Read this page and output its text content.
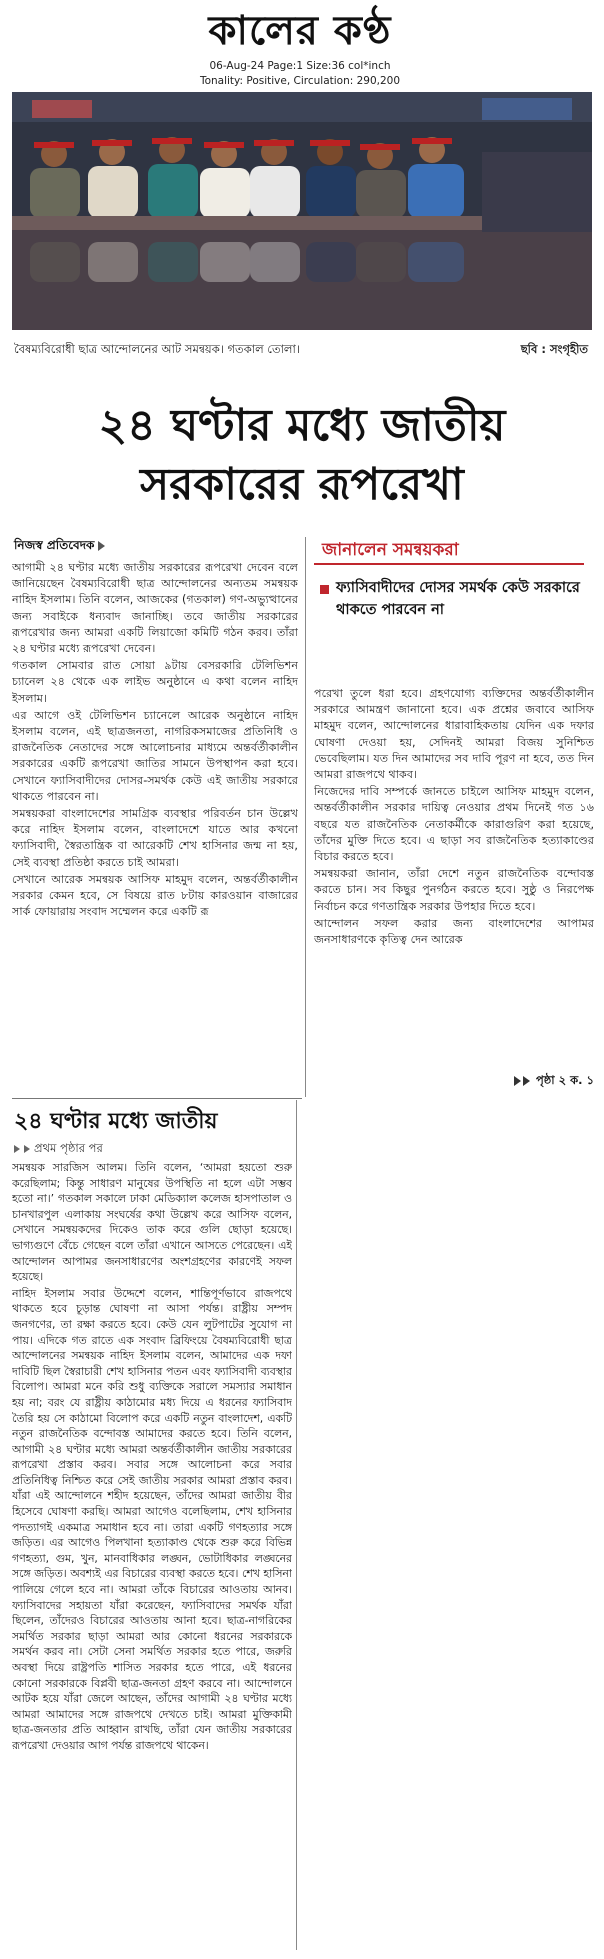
কালের কণ্ঠ
06-Aug-24 Page:1 Size:36 col*inch
Tonality: Positive, Circulation: 290,200
বৈষম্যবিরোধী ছাত্র আন্দোলনের আট সমন্বয়ক। গতকাল তোলা।	ছবি : সংগৃহীত
২৪ ঘণ্টার মধ্যে জাতীয়
সরকারের রূপরেখা
নিজস্ব প্রতিবেদক

আগামী ২৪ ঘণ্টার মধ্যে জাতীয় সরকারের রূপরেখা দেবেন বলে জানিয়েছেন বৈষম্যবিরোধী ছাত্র আন্দোলনের অন্যতম সমন্বয়ক নাহিদ ইসলাম। তিনি বলেন, আজকের (গতকাল) গণ-অভ্যুত্থানের জন্য সবাইকে ধন্যবাদ জানাচ্ছি। তবে জাতীয় সরকারের রূপরেখার জন্য আমরা একটি লিয়াজো কমিটি গঠন করব। তাঁরা ২৪ ঘণ্টার মধ্যে রূপরেখা দেবেন।

গতকাল সোমবার রাত সোয়া ৯টায় বেসরকারি টেলিভিশন চ্যানেল ২৪ থেকে এক লাইভ অনুষ্ঠানে এ কথা বলেন নাহিদ ইসলাম।

এর আগে ওই টেলিভিশন চ্যানেলে আরেক অনুষ্ঠানে নাহিদ ইসলাম বলেন, এই ছাত্রজনতা, নাগরিকসমাজের প্রতিনিধি ও রাজনৈতিক নেতাদের সঙ্গে আলোচনার মাধ্যমে অন্তর্বর্তীকালীন সরকারের একটি রূপরেখা জাতির সামনে উপস্থাপন করা হবে। সেখানে ফ্যাসিবাদীদের দোসর-সমর্থক কেউ এই জাতীয় সরকারে থাকতে পারবেন না।

সমন্বয়করা বাংলাদেশের সামগ্রিক ব্যবস্থার পরিবর্তন চান উল্লেখ করে নাহিদ ইসলাম বলেন, বাংলাদেশে যাতে আর কখনো ফ্যাসিবাদী, স্বৈরতান্ত্রিক বা আরেকটি শেখ হাসিনার জন্ম না হয়, সেই ব্যবস্থা প্রতিষ্ঠা করতে চাই আমরা।

সেখানে আরেক সমন্বয়ক আসিফ মাহমুদ বলেন, অন্তর্বর্তীকালীন সরকার কেমন হবে, সে বিষয়ে রাত ৮টায় কারওয়ান বাজারের সার্ক ফোয়ারায় সংবাদ সম্মেলন করে একটি রূ

জানালেন সমন্বয়করা
ফ্যাসিবাদীদের দোসর সমর্থক কেউ সরকারে থাকতে পারবেন না

পরেখা তুলে ধরা হবে। গ্রহণযোগ্য ব্যক্তিদের অন্তর্বর্তীকালীন সরকারে আমন্ত্রণ জানানো হবে। এক প্রশ্নের জবাবে আসিফ মাহমুদ বলেন, আন্দোলনের ধারাবাহিকতায় যেদিন এক দফার ঘোষণা দেওয়া হয়, সেদিনই আমরা বিজয় সুনিশ্চিত ভেবেছিলাম। যত দিন আমাদের সব দাবি পূরণ না হবে, তত দিন আমরা রাজপথে থাকব।

নিজেদের দাবি সম্পর্কে জানতে চাইলে আসিফ মাহমুদ বলেন, অন্তর্বর্তীকালীন সরকার দায়িত্ব নেওয়ার প্রথম দিনেই গত ১৬ বছরে যত রাজনৈতিক নেতাকর্মীকে কারাগুরিণ করা হয়েছে, তাঁদের মুক্তি দিতে হবে। এ ছাড়া সব রাজনৈতিক হত্যাকাণ্ডের বিচার করতে হবে।

সমন্বয়করা জানান, তাঁরা দেশে নতুন রাজনৈতিক বন্দোবস্ত করতে চান। সব কিছুর পুনর্গঠন করতে হবে। সুষ্ঠু ও নিরপেক্ষ নির্বাচন করে গণতান্ত্রিক সরকার উপহার দিতে হবে।

আন্দোলন সফল করার জন্য বাংলাদেশের আপামর জনসাধারণকে কৃতিত্ব দেন আরেক

পৃষ্ঠা ২ ক. ১
২৪ ঘণ্টার মধ্যে জাতীয়
প্রথম পৃষ্ঠার পর

সমন্বয়ক সারজিস আলম। তিনি বলেন, ‘আমরা হয়তো শুরু করেছিলাম; কিন্তু সাধারণ মানুষের উপস্থিতি না হলে এটা সম্ভব হতো না।’ গতকাল সকালে ঢাকা মেডিক্যাল কলেজ হাসপাতাল ও চানখারপুল এলাকায় সংঘর্ষের কথা উল্লেখ করে আসিফ বলেন, সেখানে সমন্বয়কদের দিকেও তাক করে গুলি ছোড়া হয়েছে। ভাগ্যগুণে বেঁচে গেছেন বলে তাঁরা এখানে আসতে পেরেছেন। এই আন্দোলন আপামর জনসাধারণের অংশগ্রহণের কারণেই সফল হয়েছে।

নাহিদ ইসলাম সবার উদ্দেশে বলেন, শান্তিপূর্ণভাবে রাজপথে থাকতে হবে চূড়ান্ত ঘোষণা না আসা পর্যন্ত। রাষ্ট্রীয় সম্পদ জনগণের, তা রক্ষা করতে হবে। কেউ যেন লুটপাটের সুযোগ না পায়। এদিকে গত রাতে এক সংবাদ ব্রিফিংয়ে বৈষম্যবিরোধী ছাত্র আন্দোলনের সমন্বয়ক নাহিদ ইসলাম বলেন, আমাদের এক দফা দাবিটি ছিল স্বৈরাচারী শেখ হাসিনার পতন এবং ফ্যাসিবাদী ব্যবস্থার বিলোপ। আমরা মনে করি শুধু ব্যক্তিকে সরালে সমস্যার সমাধান হয় না; বরং যে রাষ্ট্রীয় কাঠামোর মধ্য দিয়ে এ ধরনের ফ্যাসিবাদ তৈরি হয় সে কাঠামো বিলোপ করে একটি নতুন বাংলাদেশ, একটি নতুন রাজনৈতিক বন্দোবস্ত আমাদের করতে হবে। তিনি বলেন, আগামী ২৪ ঘণ্টার মধ্যে আমরা অন্তর্বর্তীকালীন জাতীয় সরকারের রূপরেখা প্রস্তাব করব। সবার সঙ্গে আলোচনা করে সবার প্রতিনিধিত্ব নিশ্চিত করে সেই জাতীয় সরকার আমরা প্রস্তাব করব। যাঁরা এই আন্দোলনে শহীদ হয়েছেন, তাঁদের আমরা জাতীয় বীর হিসেবে ঘোষণা করছি। আমরা আগেও বলেছিলাম, শেখ হাসিনার পদত্যাগই একমাত্র সমাধান হবে না। তারা একটি গণহত্যার সঙ্গে জড়িত। এর আগেও পিলখানা হত্যাকাণ্ড থেকে শুরু করে বিভিন্ন গণহত্যা, গুম, খুন, মানবাধিকার লঙ্ঘন, ভোটাধিকার লঙ্ঘনের সঙ্গে জড়িত। অবশ্যই এর বিচারের ব্যবস্থা করতে হবে। শেখ হাসিনা পালিয়ে গেলে হবে না। আমরা তাঁকে বিচারের আওতায় আনব। ফ্যাসিবাদের সহায়তা যাঁরা করেছেন, ফ্যাসিবাদের সমর্থক যাঁরা ছিলেন, তাঁদেরও বিচারের আওতায় আনা হবে। ছাত্র-নাগরিকের সমর্থিত সরকার ছাড়া আমরা আর কোনো ধরনের সরকারকে সমর্থন করব না। সেটা সেনা সমর্থিত সরকার হতে পারে, জরুরি অবস্থা দিয়ে রাষ্ট্রপতি শাসিত সরকার হতে পারে, এই ধরনের কোনো সরকারকে বিপ্লবী ছাত্র-জনতা গ্রহণ করবে না। আন্দোলনে আটক হয়ে যাঁরা জেলে আছেন, তাঁদের আগামী ২৪ ঘণ্টার মধ্যে আমরা আমাদের সঙ্গে রাজপথে দেখতে চাই। আমরা মুক্তিকামী ছাত্র-জনতার প্রতি আহ্বান রাখছি, তাঁরা যেন জাতীয় সরকারের রূপরেখা দেওয়ার আগ পর্যন্ত রাজপথে থাকেন।
